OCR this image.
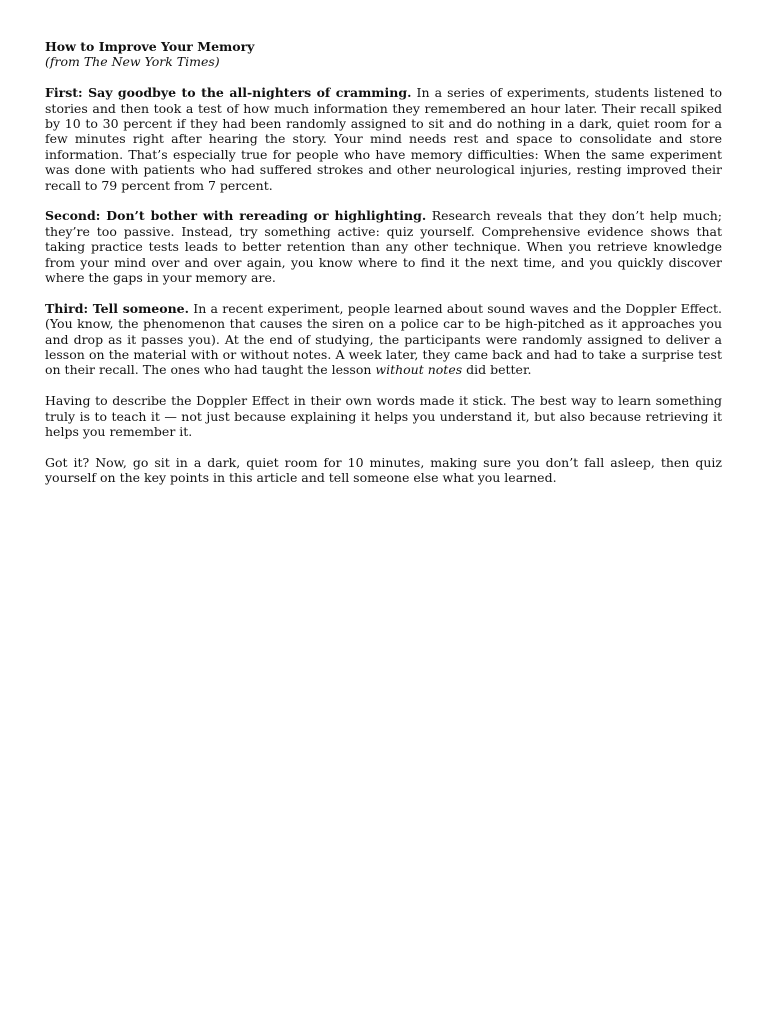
How to Improve Your Memory
(from The New York Times)

First: Say goodbye to the all-nighters of cramming. In a series of experiments, students listened to stories and then took a test of how much information they remembered an hour later. Their recall spiked by 10 to 30 percent if they had been randomly assigned to sit and do nothing in a dark, quiet room for a few minutes right after hearing the story. Your mind needs rest and space to consolidate and store information. That’s especially true for people who have memory difficulties: When the same experiment was done with patients who had suffered strokes and other neurological injuries, resting improved their recall to 79 percent from 7 percent.

Second: Don’t bother with rereading or highlighting. Research reveals that they don’t help much; they’re too passive. Instead, try something active: quiz yourself. Comprehensive evidence shows that taking practice tests leads to better retention than any other technique. When you retrieve knowledge from your mind over and over again, you know where to find it the next time, and you quickly discover where the gaps in your memory are.

Third: Tell someone. In a recent experiment, people learned about sound waves and the Doppler Effect. (You know, the phenomenon that causes the siren on a police car to be high-pitched as it approaches you and drop as it passes you). At the end of studying, the participants were randomly assigned to deliver a lesson on the material with or without notes. A week later, they came back and had to take a surprise test on their recall. The ones who had taught the lesson without notes did better.

Having to describe the Doppler Effect in their own words made it stick. The best way to learn something truly is to teach it — not just because explaining it helps you understand it, but also because retrieving it helps you remember it.

Got it? Now, go sit in a dark, quiet room for 10 minutes, making sure you don’t fall asleep, then quiz yourself on the key points in this article and tell someone else what you learned.
